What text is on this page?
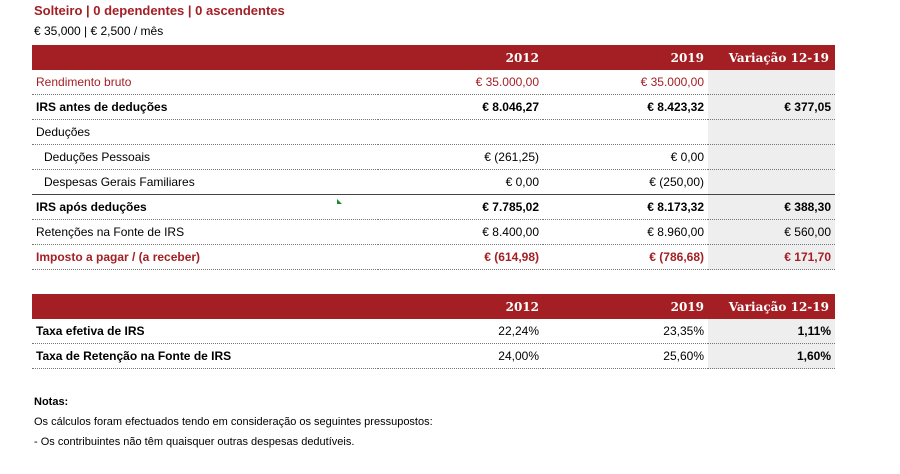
Solteiro | 0 dependentes | 0 ascendentes
€ 35,000 | € 2,500 / mês
	2012	2019	Variação 12-19
Rendimento bruto	€ 35.000,00	€ 35.000,00	
IRS antes de deduções	€ 8.046,27	€ 8.423,32	€ 377,05
Deduções			
Deduções Pessoais	€ (261,25)	€ 0,00	
Despesas Gerais Familiares	€ 0,00	€ (250,00)	
IRS após deduções	€ 7.785,02	€ 8.173,32	€ 388,30
Retenções na Fonte de IRS	€ 8.400,00	€ 8.960,00	€ 560,00
Imposto a pagar / (a receber)	€ (614,98)	€ (786,68)	€ 171,70
	2012	2019	Variação 12-19
Taxa efetiva de IRS	22,24%	23,35%	1,11%
Taxa de Retenção na Fonte de IRS	24,00%	25,60%	1,60%
Notas:
Os cálculos foram efectuados tendo em consideração os seguintes pressupostos:
- Os contribuintes não têm quaisquer outras despesas dedutíveis.
